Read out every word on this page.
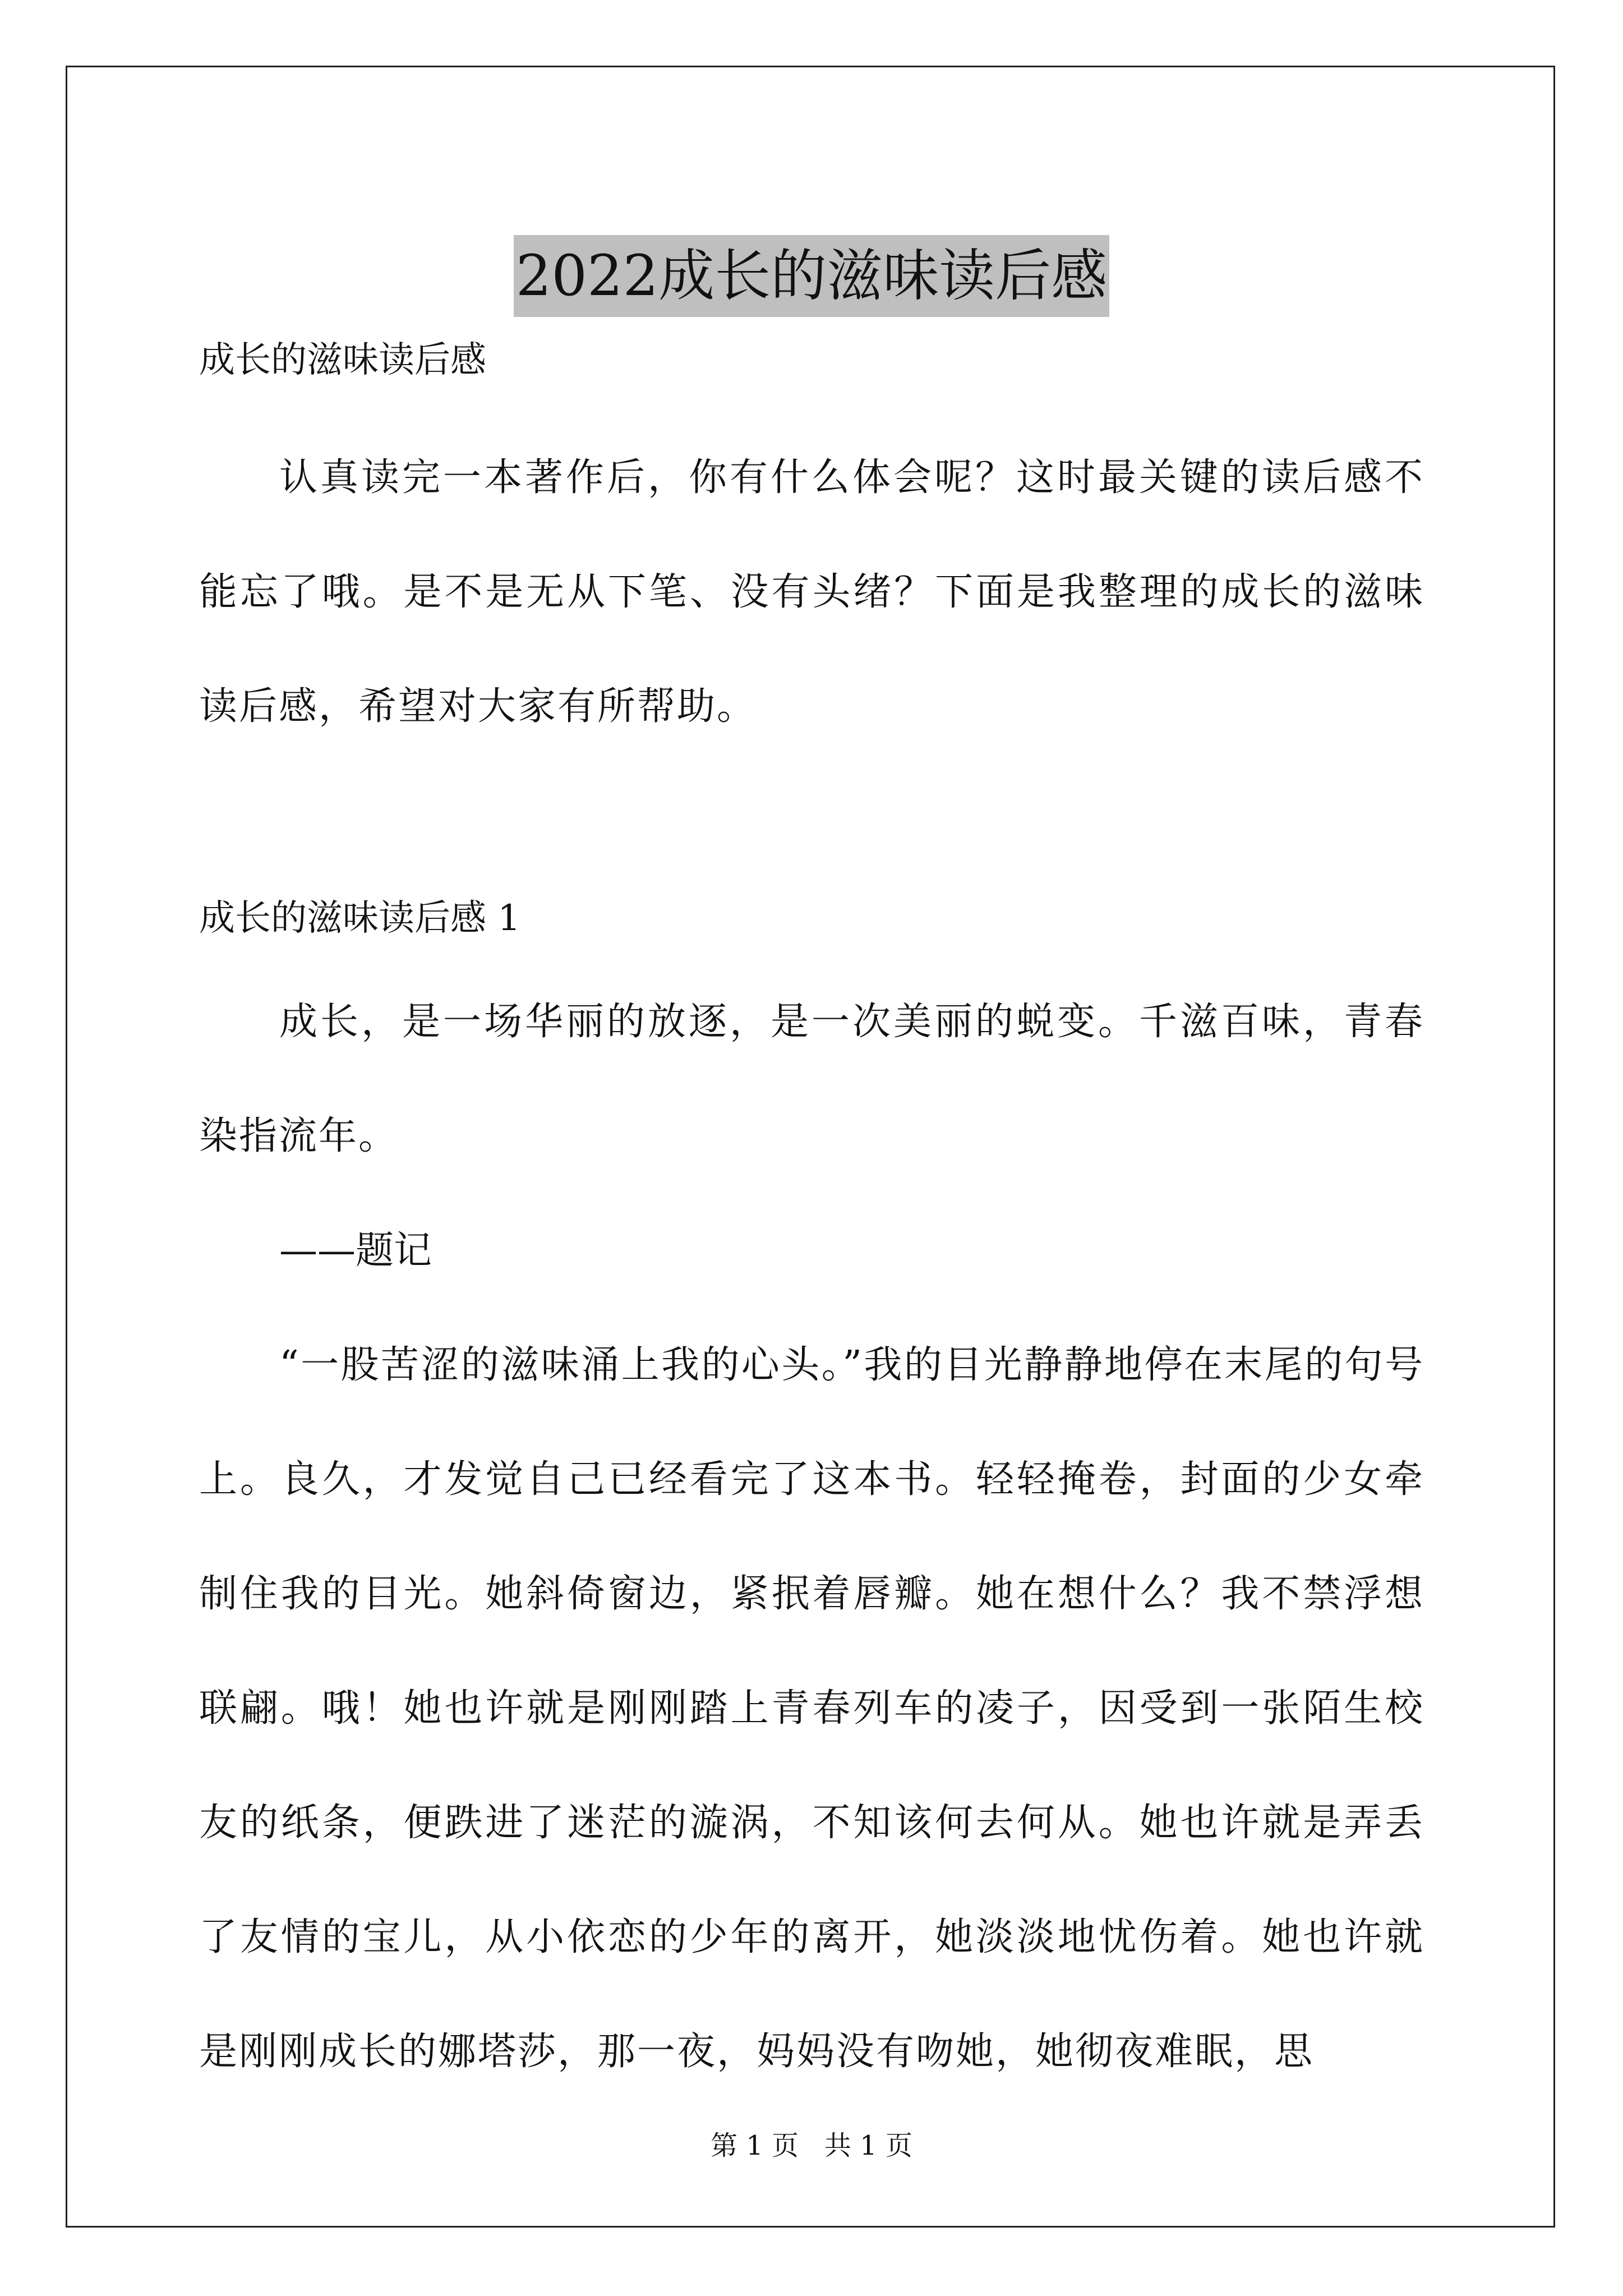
2022成长的滋味读后感

成长的滋味读后感

认真读完一本著作后，你有什么体会呢？这时最关键的读后感不能忘了哦。是不是无从下笔、没有头绪？下面是我整理的成长的滋味读后感，希望对大家有所帮助。

成长的滋味读后感 1

成长，是一场华丽的放逐，是一次美丽的蜕变。千滋百味，青春染指流年。

——题记

“一股苦涩的滋味涌上我的心头。”我的目光静静地停在末尾的句号上。良久，才发觉自己已经看完了这本书。轻轻掩卷，封面的少女牵制住我的目光。她斜倚窗边，紧抿着唇瓣。她在想什么？我不禁浮想联翩。哦！她也许就是刚刚踏上青春列车的凌子，因受到一张陌生校友的纸条，便跌进了迷茫的漩涡，不知该何去何从。她也许就是弄丢了友情的宝儿，从小依恋的少年的离开，她淡淡地忧伤着。她也许就是刚刚成长的娜塔莎，那一夜，妈妈没有吻她，她彻夜难眠，思

第 1 页 共 1 页
